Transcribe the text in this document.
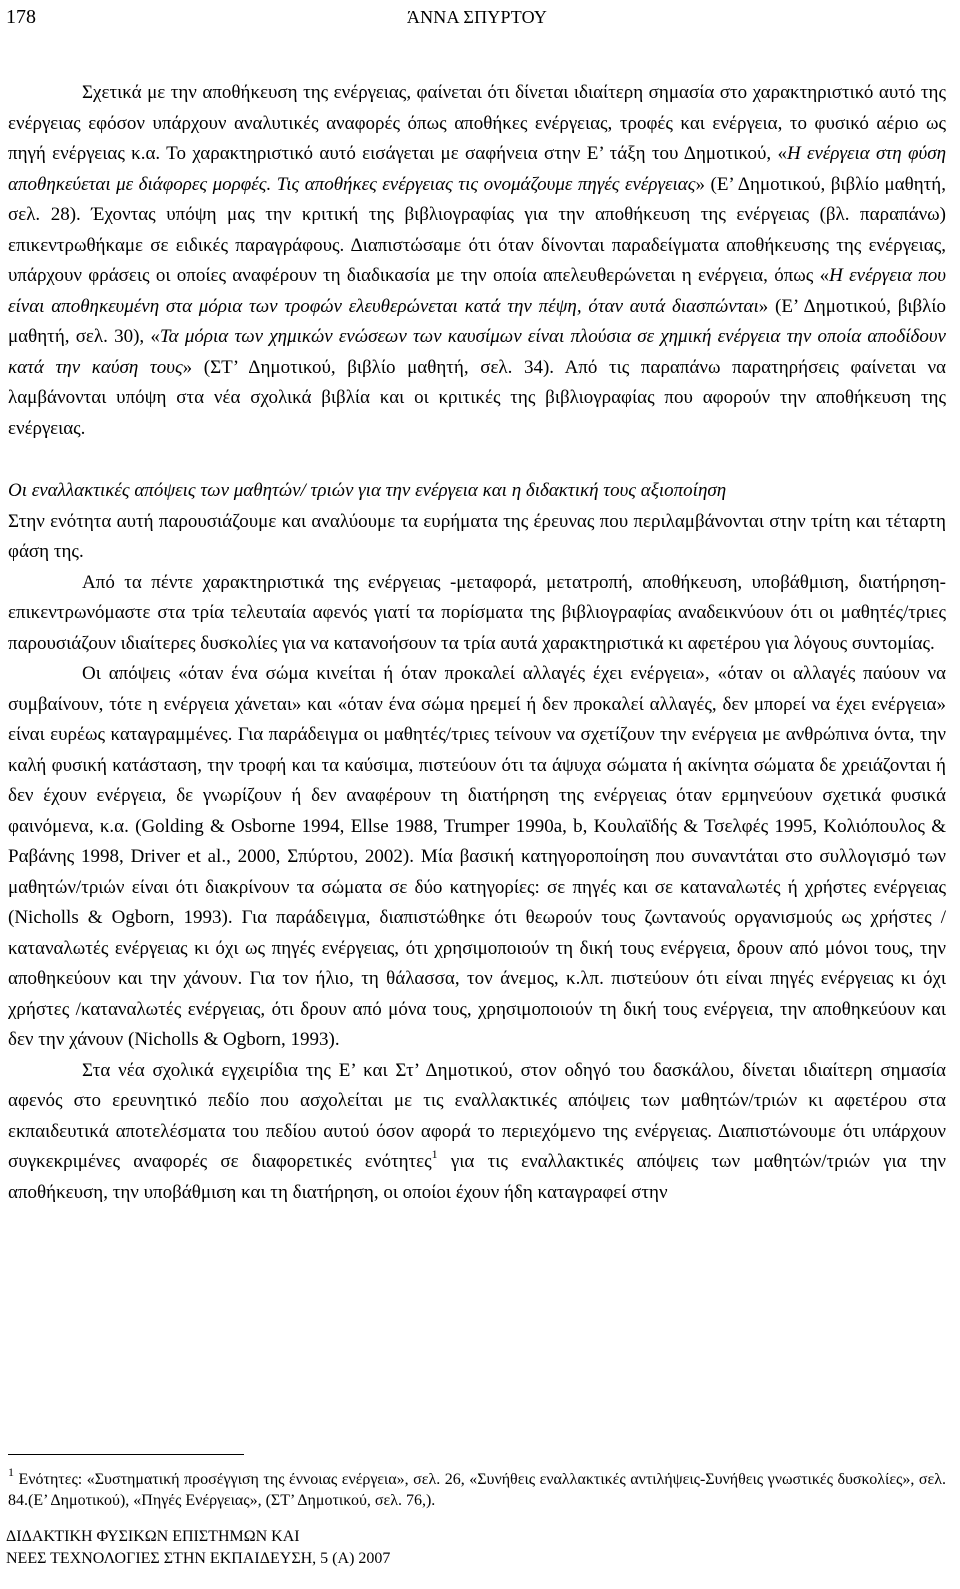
178	ΆΝΝΑ ΣΠΥΡΤΟΥ

Σχετικά με την αποθήκευση της ενέργειας, φαίνεται ότι δίνεται ιδιαίτερη σημασία στο χαρακτηριστικό αυτό της ενέργειας εφόσον υπάρχουν αναλυτικές αναφορές όπως αποθήκες ενέργειας, τροφές και ενέργεια, το φυσικό αέριο ως πηγή ενέργειας κ.α. Το χαρακτηριστικό αυτό εισάγεται με σαφήνεια στην Ε’ τάξη του Δημοτικού, «Η ενέργεια στη φύση αποθηκεύεται με διάφορες μορφές. Τις αποθήκες ενέργειας τις ονομάζουμε πηγές ενέργειας» (Ε’ Δημοτικού, βιβλίο μαθητή, σελ. 28). Έχοντας υπόψη μας την κριτική της βιβλιογραφίας για την αποθήκευση της ενέργειας (βλ. παραπάνω) επικεντρωθήκαμε σε ειδικές παραγράφους. Διαπιστώσαμε ότι όταν δίνονται παραδείγματα αποθήκευσης της ενέργειας, υπάρχουν φράσεις οι οποίες αναφέρουν τη διαδικασία με την οποία απελευθερώνεται η ενέργεια, όπως «Η ενέργεια που είναι αποθηκευμένη στα μόρια των τροφών ελευθερώνεται κατά την πέψη, όταν αυτά διασπώνται» (Ε’ Δημοτικού, βιβλίο μαθητή, σελ. 30), «Τα μόρια των χημικών ενώσεων των καυσίμων είναι πλούσια σε χημική ενέργεια την οποία αποδίδουν κατά την καύση τους» (ΣΤ’ Δημοτικού, βιβλίο μαθητή, σελ. 34). Από τις παραπάνω παρατηρήσεις φαίνεται να λαμβάνονται υπόψη στα νέα σχολικά βιβλία και οι κριτικές της βιβλιογραφίας που αφορούν την αποθήκευση της ενέργειας.

Οι εναλλακτικές απόψεις των μαθητών/ τριών για την ενέργεια και η διδακτική τους αξιοποίηση

Στην ενότητα αυτή παρουσιάζουμε και αναλύουμε τα ευρήματα της έρευνας που περιλαμβάνονται στην τρίτη και τέταρτη φάση της.

Από τα πέντε χαρακτηριστικά της ενέργειας -μεταφορά, μετατροπή, αποθήκευση, υποβάθμιση, διατήρηση- επικεντρωνόμαστε στα τρία τελευταία αφενός γιατί τα πορίσματα της βιβλιογραφίας αναδεικνύουν ότι οι μαθητές/τριες παρουσιάζουν ιδιαίτερες δυσκολίες για να κατανοήσουν τα τρία αυτά χαρακτηριστικά κι αφετέρου για λόγους συντομίας.

Οι απόψεις «όταν ένα σώμα κινείται ή όταν προκαλεί αλλαγές έχει ενέργεια», «όταν οι αλλαγές παύουν να συμβαίνουν, τότε η ενέργεια χάνεται» και «όταν ένα σώμα ηρεμεί ή δεν προκαλεί αλλαγές, δεν μπορεί να έχει ενέργεια» είναι ευρέως καταγραμμένες. Για παράδειγμα οι μαθητές/τριες τείνουν να σχετίζουν την ενέργεια με ανθρώπινα όντα, την καλή φυσική κατάσταση, την τροφή και τα καύσιμα, πιστεύουν ότι τα άψυχα σώματα ή ακίνητα σώματα δε χρειάζονται ή δεν έχουν ενέργεια, δε γνωρίζουν ή δεν αναφέρουν τη διατήρηση της ενέργειας όταν ερμηνεύουν σχετικά φυσικά φαινόμενα, κ.α. (Golding & Osborne 1994, Ellse 1988, Trumper 1990a, b, Κουλαϊδής & Τσελφές 1995, Κολιόπουλος & Ραβάνης 1998, Driver et al., 2000, Σπύρτου, 2002). Μία βασική κατηγοροποίηση που συναντάται στο συλλογισμό των μαθητών/τριών είναι ότι διακρίνουν τα σώματα σε δύο κατηγορίες: σε πηγές και σε καταναλωτές ή χρήστες ενέργειας (Nicholls & Ogborn, 1993). Για παράδειγμα, διαπιστώθηκε ότι θεωρούν τους ζωντανούς οργανισμούς ως χρήστες /καταναλωτές ενέργειας κι όχι ως πηγές ενέργειας, ότι χρησιμοποιούν τη δική τους ενέργεια, δρουν από μόνοι τους, την αποθηκεύουν και την χάνουν. Για τον ήλιο, τη θάλασσα, τον άνεμος, κ.λπ. πιστεύουν ότι είναι πηγές ενέργειας κι όχι χρήστες /καταναλωτές ενέργειας, ότι δρουν από μόνα τους, χρησιμοποιούν τη δική τους ενέργεια, την αποθηκεύουν και δεν την χάνουν (Nicholls & Ogborn, 1993).

Στα νέα σχολικά εγχειρίδια της Ε’ και Στ’ Δημοτικού, στον οδηγό του δασκάλου, δίνεται ιδιαίτερη σημασία αφενός στο ερευνητικό πεδίο που ασχολείται με τις εναλλακτικές απόψεις των μαθητών/τριών κι αφετέρου στα εκπαιδευτικά αποτελέσματα του πεδίου αυτού όσον αφορά το περιεχόμενο της ενέργειας. Διαπιστώνουμε ότι υπάρχουν συγκεκριμένες αναφορές σε διαφορετικές ενότητες$^1$ για τις εναλλακτικές απόψεις των μαθητών/τριών για την αποθήκευση, την υποβάθμιση και τη διατήρηση, οι οποίοι έχουν ήδη καταγραφεί στην

$^1$ Ενότητες: «Συστηματική προσέγγιση της έννοιας ενέργεια», σελ. 26, «Συνήθεις εναλλακτικές αντιλήψεις-Συνήθεις γνωστικές δυσκολίες», σελ. 84.(Ε’ Δημοτικού), «Πηγές Ενέργειας», (ΣΤ’ Δημοτικού, σελ. 76,).
ΔΙΔΑΚΤΙΚΗ ΦΥΣΙΚΩΝ ΕΠΙΣΤΗΜΩΝ ΚΑΙ
ΝΕΕΣ ΤΕΧΝΟΛΟΓΙΕΣ ΣΤΗΝ ΕΚΠΑΙΔΕΥΣΗ, 5 (Α) 2007
